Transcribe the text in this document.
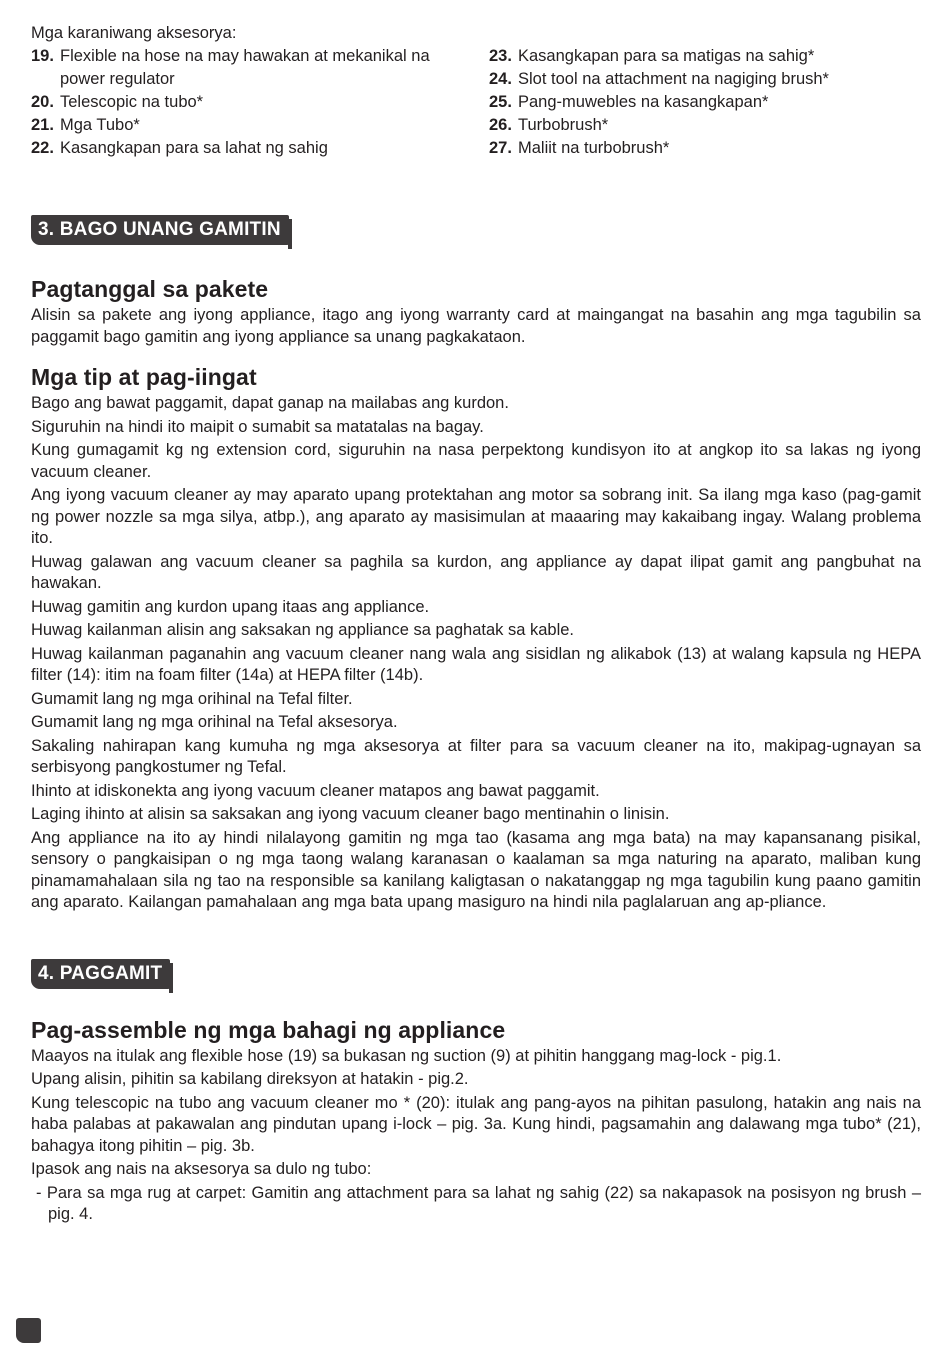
Mga karaniwang aksesorya:
19. Flexible na hose na may hawakan at mekanikal na power regulator
20. Telescopic na tubo*
21. Mga Tubo*
22. Kasangkapan para sa lahat ng sahig
23. Kasangkapan para sa matigas na sahig*
24. Slot tool na attachment na nagiging brush*
25. Pang-muwebles na kasangkapan*
26. Turbobrush*
27. Maliit na turbobrush*
3. BAGO UNANG GAMITIN
Pagtanggal sa pakete

Alisin sa pakete ang iyong appliance, itago ang iyong warranty card at maingangat na basahin ang mga tagubilin sa paggamit bago gamitin ang iyong appliance sa unang pagkakataon.

Mga tip at pag-iingat

Bago ang bawat paggamit, dapat ganap na mailabas ang kurdon.

Siguruhin na hindi ito maipit o sumabit sa matatalas na bagay.

Kung gumagamit kg ng extension cord, siguruhin na nasa perpektong kundisyon ito at angkop ito sa lakas ng iyong vacuum cleaner.

Ang iyong vacuum cleaner ay may aparato upang protektahan ang motor sa sobrang init. Sa ilang mga kaso (pag-gamit ng power nozzle sa mga silya, atbp.), ang aparato ay masisimulan at maaaring may kakaibang ingay. Walang problema ito.

Huwag galawan ang vacuum cleaner sa paghila sa kurdon, ang appliance ay dapat ilipat gamit ang pangbuhat na hawakan.

Huwag gamitin ang kurdon upang itaas ang appliance.

Huwag kailanman alisin ang saksakan ng appliance sa paghatak sa kable.

Huwag kailanman paganahin ang vacuum cleaner nang wala ang sisidlan ng alikabok (13) at walang kapsula ng HEPA filter (14): itim na foam filter (14a) at HEPA filter (14b).

Gumamit lang ng mga orihinal na Tefal filter.

Gumamit lang ng mga orihinal na Tefal aksesorya.

Sakaling nahirapan kang kumuha ng mga aksesorya at filter para sa vacuum cleaner na ito, makipag-ugnayan sa serbisyong pangkostumer ng Tefal.

Ihinto at idiskonekta ang iyong vacuum cleaner matapos ang bawat paggamit.

Laging ihinto at alisin sa saksakan ang iyong vacuum cleaner bago mentinahin o linisin.

Ang appliance na ito ay hindi nilalayong gamitin ng mga tao (kasama ang mga bata) na may kapansanang pisikal, sensory o pangkaisipan o ng mga taong walang karanasan o kaalaman sa mga naturing na aparato, maliban kung pinamamahalaan sila ng tao na responsible sa kanilang kaligtasan o nakatanggap ng mga tagubilin kung paano gamitin ang aparato. Kailangan pamahalaan ang mga bata upang masiguro na hindi nila paglalaruan ang ap-pliance.

4. PAGGAMIT
Pag-assemble ng mga bahagi ng appliance

Maayos na itulak ang flexible hose (19) sa bukasan ng suction (9) at pihitin hanggang mag-lock - pig.1.

Upang alisin, pihitin sa kabilang direksyon at hatakin - pig.2.

Kung telescopic na tubo ang vacuum cleaner mo * (20): itulak ang pang-ayos na pihitan pasulong, hatakin ang nais na haba palabas at pakawalan ang pindutan upang i-lock – pig. 3a. Kung hindi, pagsamahin ang dalawang mga tubo* (21), bahagya itong pihitin – pig. 3b.

Ipasok ang nais na aksesorya sa dulo ng tubo:

- Para sa mga rug at carpet: Gamitin ang attachment para sa lahat ng sahig (22) sa nakapasok na posisyon ng brush – pig. 4.
